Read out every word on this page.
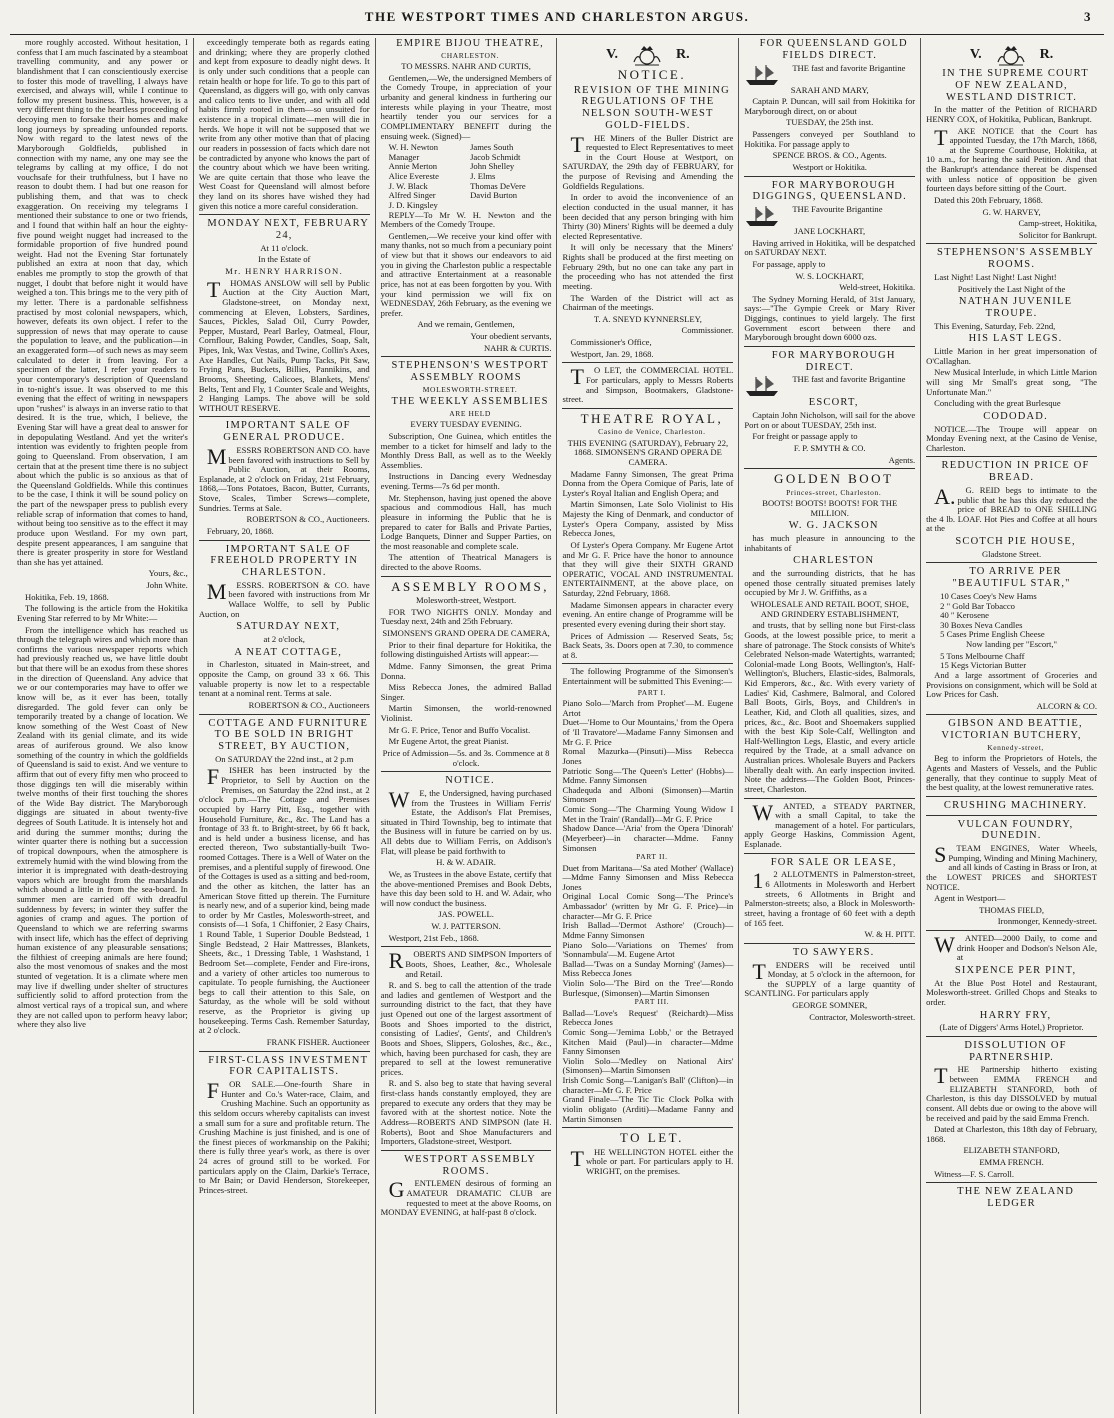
THE WESTPORT TIMES AND CHARLESTON ARGUS.	3

more roughly accosted. Without hesitation, I confess that I am much fascinated by a steamboat travelling community, and any power or blandishment that I can conscientiously exercise to foster this mode of travelling, I always have exercised, and always will, while I continue to follow my present business. This, however, is a very different thing to the heartless proceeding of decoying men to forsake their homes and make long journeys by spreading unfounded reports. Now with regard to the latest news of the Maryborough Goldfields, published in connection with my name, any one may see the telegrams by calling at my office, I do not vouchsafe for their truthfulness, but I have no reason to doubt them. I had but one reason for publishing them, and that was to check exaggeration. On receiving my telegrams I mentioned their substance to one or two friends, and I found that within half an hour the eighty-five pound weight nugget had increased to the formidable proportion of five hundred pound weight. Had not the Evening Star fortunately published an extra at noon that day, which enables me promptly to stop the growth of that nugget, I doubt that before night it would have weighed a ton. This brings me to the very pith of my letter. There is a pardonable selfishness practised by most colonial newspapers, which, however, defeats its own object. I refer to the suppression of news that may operate to cause the population to leave, and the publication—in an exaggerated form—of such news as may seem calculated to deter it from leaving. For a specimen of the latter, I refer your readers to your contemporary's description of Queensland in to-night's issue. It was observed to me this evening that the effect of writing in newspapers upon "rushes" is always in an inverse ratio to that desired. It is the true, which, I believe, the Evening Star will have a great deal to answer for in depopulating Westland. And yet the writer's intention was evidently to frighten people from going to Queensland. From observation, I am certain that at the present time there is no subject about which the public is so anxious as that of the Queensland Goldfields. While this continues to be the case, I think it will be sound policy on the part of the newspaper press to publish every reliable scrap of information that comes to hand, without being too sensitive as to the effect it may produce upon Westland. For my own part, despite present appearances, I am sanguine that there is greater prosperity in store for Westland than she has yet attained.

Yours, &c.,

John White.

Hokitika, Feb. 19, 1868.

The following is the article from the Hokitika Evening Star referred to by Mr White:—

From the intelligence which has reached us through the telegraph wires and which more than confirms the various newspaper reports which had previously reached us, we have little doubt but that there will be an exodus from these shores in the direction of Queensland. Any advice that we or our contemporaries may have to offer we know will be, as it ever has been, totally disregarded. The gold fever can only be temporarily treated by a change of location. We know something of the West Coast of New Zealand with its genial climate, and its wide areas of auriferous ground. We also know something of the country in which the goldfields of Queensland is said to exist. And we venture to affirm that out of every fifty men who proceed to those diggings ten will die miserably within twelve months of their first touching the shores of the Wide Bay district. The Maryborough diggings are situated in about twenty-five degrees of South Latitude. It is intensely hot and arid during the summer months; during the winter quarter there is nothing but a succession of tropical downpours, when the atmosphere is extremely humid with the wind blowing from the interior it is impregnated with death-destroying vapors which are brought from the marshlands which abound a little in from the sea-board. In summer men are carried off with dreadful suddenness by fevers; in winter they suffer the agonies of cramp and agues. The portion of Queensland to which we are referring swarms with insect life, which has the effect of depriving human existence of any pleasurable sensations; the filthiest of creeping animals are here found; also the most venomous of snakes and the most stunted of vegetation. It is a climate where men may live if dwelling under shelter of structures sufficiently solid to afford protection from the almost vertical rays of a tropical sun, and where they are not called upon to perform heavy labor; where they also live

exceedingly temperate both as regards eating and drinking; where they are properly clothed and kept from exposure to deadly night dews. It is only under such conditions that a people can retain health or hope for life. To go to this part of Queensland, as diggers will go, with only canvas and calico tents to live under, and with all odd habits firmly rooted in them—so unsuited for existence in a tropical climate—men will die in herds. We hope it will not be supposed that we write from any other motive than that of placing our readers in possession of facts which dare not be contradicted by anyone who knows the part of the country about which we have been writing. We are quite certain that those who leave the West Coast for Queensland will almost before they land on its shores have wished they had given this notice a more careful consideration.

MONDAY NEXT, FEBRUARY 24,

At 11 o'clock.

In the Estate of

Mr. HENRY HARRISON.

THOMAS ANSLOW will sell by Public Auction at the City Auction Mart, Gladstone-street, on Monday next, commencing at Eleven, Lobsters, Sardines, Sauces, Pickles, Salad Oil, Curry Powder, Pepper, Mustard, Pearl Barley, Oatmeal, Flour, Cornflour, Baking Powder, Candles, Soap, Salt, Pipes, Ink, Wax Vestas, and Twine, Collin's Axes, Axe Handles, Cut Nails, Pump Tacks, Pit Saw, Frying Pans, Buckets, Billies, Pannikins, and Brooms, Sheeting, Calicoes, Blankets, Mens' Belts, Tent and Fly, 1 Counter Scale and Weights, 2 Hanging Lamps. The above will be sold WITHOUT RESERVE.

IMPORTANT SALE OF GENERAL PRODUCE.

MESSRS ROBERTSON AND CO. have been favored with instructions to Sell by Public Auction, at their Rooms, Esplanade, at 2 o'clock on Friday, 21st February, 1868,—Tons Potatoes, Bacon, Butter, Currants, Stove, Scales, Timber Screws—complete, Sundries. Terms at Sale.

ROBERTSON & CO., Auctioneers.

February, 20, 1868.

IMPORTANT SALE OF FREEHOLD PROPERTY IN CHARLESTON.

MESSRS. ROBERTSON & CO. have been favored with instructions from Mr Wallace Wolffe, to sell by Public Auction, on

SATURDAY NEXT,

at 2 o'clock,

A NEAT COTTAGE,

in Charleston, situated in Main-street, and opposite the Camp, on ground 33 x 66. This valuable property is now let to a respectable tenant at a nominal rent. Terms at sale.

ROBERTSON & CO., Auctioneers

COTTAGE AND FURNITURE TO BE SOLD IN BRIGHT STREET, BY AUCTION,

On SATURDAY the 22nd inst., at 2 p.m

FISHER has been instructed by the Proprietor, to Sell by Auction on the Premises, on Saturday the 22nd inst., at 2 o'clock p.m.—The Cottage and Premises occupied by Harry Pitt, Esq., together with Household Furniture, &c., &c. The Land has a frontage of 33 ft. to Bright-street, by 66 ft back, and is held under a business license, and has erected thereon, Two substantially-built Two-roomed Cottages. There is a Well of Water on the premises, and a plentiful supply of firewood. One of the Cottages is used as a sitting and bed-room, and the other as kitchen, the latter has an American Stove fitted up therein. The Furniture is nearly new, and of a superior kind, being made to order by Mr Castles, Molesworth-street, and consists of—1 Sofa, 1 Chiffonier, 2 Easy Chairs, 1 Round Table, 1 Superior Double Bedstead, 1 Single Bedstead, 2 Hair Mattresses, Blankets, Sheets, &c., 1 Dressing Table, 1 Washstand, 1 Bedroom Set—complete, Fender and Fire-irons, and a variety of other articles too numerous to capitulate. To people furnishing, the Auctioneer begs to call their attention to this Sale, on Saturday, as the whole will be sold without reserve, as the Proprietor is giving up housekeeping. Terms Cash. Remember Saturday, at 2 o'clock.

FRANK FISHER. Auctioneer

FIRST-CLASS INVESTMENT FOR CAPITALISTS.

FOR SALE.—One-fourth Share in Hunter and Co.'s Water-race, Claim, and Crushing Machine. Such an opportunity as this seldom occurs whereby capitalists can invest a small sum for a sure and profitable return. The Crushing Machine is just finished, and is one of the finest pieces of workmanship on the Pakihi; there is fully three year's work, as there is over 24 acres of ground still to be worked. For particulars apply on the Claim, Darkie's Terrace, to Mr Bain; or David Henderson, Storekeeper, Princes-street.

EMPIRE BIJOU THEATRE,

CHARLESTON.

TO MESSRS. NAHR AND CURTIS,

Gentlemen,—We, the undersigned Members of the Comedy Troupe, in appreciation of your urbanity and general kindness in furthering our interests while playing in your Theatre, most heartily tender you our services for a COMPLIMENTARY BENEFIT during the ensuing week. (Signed)—

W. H. Newton	James South
Manager	Jacob Schmidt
Annie Merton	John Shelley
Alice Evereste	J. Elms
J. W. Black	Thomas DeVere
Alfred Singer	David Burton
J. D. Kingsley

REPLY—To Mr W. H. Newton and the Members of the Comedy Troupe.

Gentlemen,—We receive your kind offer with many thanks, not so much from a pecuniary point of view but that it shows our endeavors to aid you in giving the Charleston public a respectable and attractive Entertainment at a reasonable price, has not at eas been forgotten by you. With your kind permission we will fix on WEDNESDAY, 26th February, as the evening we prefer.

And we remain, Gentlemen,

Your obedient servants,

NAHR & CURTIS.

STEPHENSON'S WESTPORT ASSEMBLY ROOMS

MOLESWORTH-STREET.

THE WEEKLY ASSEMBLIES

ARE HELD

EVERY TUESDAY EVENING.

Subscription, One Guinea, which entitles the member to a ticket for himself and lady to the Monthly Dress Ball, as well as to the Weekly Assemblies.

Instructions in Dancing every Wednesday evening. Terms—7s 6d per month.

Mr. Stephenson, having just opened the above spacious and commodious Hall, has much pleasure in informing the Public that he is prepared to cater for Balls and Private Parties, Lodge Banquets, Dinner and Supper Parties, on the most reasonable and complete scale.

The attention of Theatrical Managers is directed to the above Rooms.

ASSEMBLY ROOMS,

Molesworth-street, Westport.

FOR TWO NIGHTS ONLY. Monday and Tuesday next, 24th and 25th February.

SIMONSEN'S GRAND OPERA DE CAMERA,

Prior to their final departure for Hokitika, the following distinguished Artists will appear:—

Mdme. Fanny Simonsen, the great Prima Donna.

Miss Rebecca Jones, the admired Ballad Singer.

Martin Simonsen, the world-renowned Violinist.

Mr G. F. Price, Tenor and Buffo Vocalist.

Mr Eugene Artot, the great Pianist.

Price of Admission—5s. and 3s. Commence at 8 o'clock.

NOTICE.

WE, the Undersigned, having purchased from the Trustees in William Ferris' Estate, the Addison's Flat Premises, situated in Third Township, beg to intimate that the Business will in future be carried on by us. All debts due to William Ferris, on Addison's Flat, will please be paid forthwith to

H. & W. ADAIR.

We, as Trustees in the above Estate, certify that the above-mentioned Premises and Book Debts, have this day been sold to H. and W. Adair, who will now conduct the business.

JAS. POWELL.

W. J. PATTERSON.

Westport, 21st Feb., 1868.

ROBERTS AND SIMPSON Importers of Boots, Shoes, Leather, &c., Wholesale and Retail.

R. and S. beg to call the attention of the trade and ladies and gentlemen of Westport and the surrounding district to the fact, that they have just Opened out one of the largest assortment of Boots and Shoes imported to the district, consisting of Ladies', Gents', and Children's Boots and Shoes, Slippers, Goloshes, &c., &c., which, having been purchased for cash, they are prepared to sell at the lowest remunerative prices.

R. and S. also beg to state that having several first-class hands constantly employed, they are prepared to execute any orders that they may be favored with at the shortest notice. Note the Address—ROBERTS AND SIMPSON (late H. Roberts), Boot and Shoe Manufacturers and Importers, Gladstone-street, Westport.

WESTPORT ASSEMBLY ROOMS.

GENTLEMEN desirous of forming an AMATEUR DRAMATIC CLUB are requested to meet at the above Rooms, on MONDAY EVENING, at half-past 8 o'clock.

V.	R.

NOTICE.

REVISION OF THE MINING REGULATIONS OF THE NELSON SOUTH-WEST GOLD-FIELDS.

THE Miners of the Buller District are requested to Elect Representatives to meet in the Court House at Westport, on SATURDAY, the 29th day of FEBRUARY, for the purpose of Revising and Amending the Goldfields Regulations.

In order to avoid the inconvenience of an election conducted in the usual manner, it has been decided that any person bringing with him Thirty (30) Miners' Rights will be deemed a duly elected Representative.

It will only be necessary that the Miners' Rights shall be produced at the first meeting on February 29th, but no one can take any part in the proceeding who has not attended the first meeting.

The Warden of the District will act as Chairman of the meetings.

T. A. SNEYD KYNNERSLEY,

Commissioner.

Commissioner's Office,

Westport, Jan. 29, 1868.

TO LET, the COMMERCIAL HOTEL. For particulars, apply to Messrs Roberts and Simpson, Bootmakers, Gladstone-street.

THEATRE ROYAL,

Casino de Venice, Charleston.

THIS EVENING (SATURDAY), February 22, 1868. SIMONSEN'S GRAND OPERA DE CAMERA.

Madame Fanny Simonsen, The great Prima Donna from the Opera Comique of Paris, late of Lyster's Royal Italian and English Opera; and

Martin Simonsen, Late Solo Violinist to His Majesty the King of Denmark, and conductor of Lyster's Opera Company, assisted by Miss Rebecca Jones,

Of Lyster's Opera Company. Mr Eugene Artot and Mr G. F. Price have the honor to announce that they will give their SIXTH GRAND OPERATIC, VOCAL AND INSTRUMENTAL ENTERTAINMENT, at the above place, on Saturday, 22nd February, 1868.

Madame Simonsen appears in character every evening. An entire change of Programme will be presented every evening during their short stay.

Prices of Admission — Reserved Seats, 5s; Back Seats, 3s. Doors open at 7.30, to commence at 8.

The following Programme of the Simonsen's Entertainment will be submitted This Evening:—

PART I.

Piano Solo—'March from Prophet'—M. Eugene Artot

Duet—'Home to Our Mountains,' from the Opera of 'Il Travatore'—Madame Fanny Simonsen and Mr G. F. Price

Romal Mazurka—(Pinsuti)—Miss Rebecca Jones

Patriotic Song—'The Queen's Letter' (Hobbs)—Mdme. Fanny Simonsen

Chadequda and Alboni (Simonsen)—Martin Simonsen

Comic Song—'The Charming Young Widow I Met in the Train' (Randall)—Mr G. F. Price

Shadow Dance—'Aria' from the Opera 'Dinorah' (Meyerbeer)—in character—Mdme. Fanny Simonsen

PART II.

Duet from Maritana—'Sa ated Mother' (Wallace)—Mdme Fanny Simonsen and Miss Rebecca Jones

Original Local Comic Song—'The Prince's Ambassador' (written by Mr G. F. Price)—in character—Mr G. F. Price

Irish Ballad—'Dermot Asthore' (Crouch)—Mdme Fanny Simonsen

Piano Solo—'Variations on Themes' from 'Sonnambula'—M. Eugene Artot

Ballad—'Twas on a Sunday Morning' (James)—Miss Rebecca Jones

Violin Solo—'The Bird on the Tree'—Rondo Burlesque, (Simonsen)—Martin Simonsen

PART III.

Ballad—'Love's Request' (Reichardt)—Miss Rebecca Jones

Comic Song—'Jemima Lobb,' or the Betrayed Kitchen Maid (Paul)—in character—Mdme Fanny Simonsen

Violin Solo—'Medley on National Airs' (Simonsen)—Martin Simonsen

Irish Comic Song—'Lanigan's Ball' (Clifton)—in character—Mr G. F. Price

Grand Finale—'The Tic Tic Clock Polka with violin obligato (Arditi)—Madame Fanny and Martin Simonsen

TO LET.

THE WELLINGTON HOTEL either the whole or part. For particulars apply to H. WRIGHT, on the premises.

FOR QUEENSLAND GOLD FIELDS DIRECT.

THE fast and favorite Brigantine

SARAH AND MARY,

Captain P. Duncan, will sail from Hokitika for Maryborough direct, on or about

TUESDAY, the 25th inst.

Passengers conveyed per Southland to Hokitika. For passage apply to

SPENCE BROS. & CO., Agents.

Westport or Hokitika.

FOR MARYBOROUGH DIGGINGS, QUEENSLAND.

THE Favourite Brigantine

JANE LOCKHART,

Having arrived in Hokitika, will be despatched on SATURDAY NEXT.

For passage, apply to

W. S. LOCKHART,

Weld-street, Hokitika.

The Sydney Morning Herald, of 31st January, says:—"The Gympie Creek or Mary River Diggings, continues to yield largely. The first Government escort between there and Maryborough brought down 6000 ozs.

FOR MARYBOROUGH DIRECT.

THE fast and favorite Brigantine

ESCORT,

Captain John Nicholson, will sail for the above Port on or about TUESDAY, 25th inst.

For freight or passage apply to

F. P. SMYTH & CO.

Agents.

GOLDEN BOOT

Princes-street, Charleston.

BOOTS! BOOTS! BOOTS! FOR THE MILLION.

W. G. JACKSON

has much pleasure in announcing to the inhabitants of

CHARLESTON

and the surrounding districts, that he has opened those centrally situated premises lately occupied by Mr J. W. Griffiths, as a

WHOLESALE AND RETAIL BOOT, SHOE, AND GRINDERY ESTABLISHMENT,

and trusts, that by selling none but First-class Goods, at the lowest possible price, to merit a share of patronage. The Stock consists of White's Celebrated Nelson-made Watertights, warranted; Colonial-made Long Boots, Wellington's, Half-Wellington's, Bluchers, Elastic-sides, Balmorals, Kid Emperors, &c., &c. With every variety of Ladies' Kid, Cashmere, Balmoral, and Colored Ball Boots, Girls, Boys, and Children's in Leather, Kid, and Cloth all qualities, sizes, and prices, &c., &c. Boot and Shoemakers supplied with the best Kip Sole-Calf, Wellington and Half-Wellington Legs, Elastic, and every article required by the Trade, at a small advance on Australian prices. Wholesale Buyers and Packers liberally dealt with. An early inspection invited. Note the address—The Golden Boot, Princes-street, Charleston.

WANTED, a STEADY PARTNER, with a small Capital, to take the management of a hotel. For particulars, apply George Haskins, Commission Agent, Esplanade.

FOR SALE OR LEASE,

12 ALLOTMENTS in Palmerston-street, 6 Allotments in Molesworth and Herbert streets, 6 Allotments in Bright and Palmerston-streets; also, a Block in Molesworth-street, having a frontage of 60 feet with a depth of 165 feet.

W. & H. PITT.

TO SAWYERS.

TENDERS will be received until Monday, at 5 o'clock in the afternoon, for the SUPPLY of a large quantity of SCANTLING. For particulars apply

GEORGE SOMNER,

Contractor, Molesworth-street.

V.	R.

IN THE SUPREME COURT OF NEW ZEALAND, WESTLAND DISTRICT.

In the matter of the Petition of RICHARD HENRY COX, of Hokitika, Publican, Bankrupt.

TAKE NOTICE that the Court has appointed Tuesday, the 17th March, 1868, at the Supreme Courthouse, Hokitika, at 10 a.m., for hearing the said Petition. And that the Bankrupt's attendance thereat be dispensed with unless notice of opposition be given fourteen days before sitting of the Court.

Dated this 20th February, 1868.

G. W. HARVEY,

Camp-street, Hokitika,

Solicitor for Bankrupt.

STEPHENSON'S ASSEMBLY ROOMS.

Last Night! Last Night! Last Night!

Positively the Last Night of the

NATHAN JUVENILE TROUPE.

This Evening, Saturday, Feb. 22nd,

HIS LAST LEGS.

Little Marion in her great impersonation of O'Callaghan.

New Musical Interlude, in which Little Marion will sing Mr Small's great song, "The Unfortunate Man."

Concluding with the great Burlesque

CODODAD.

NOTICE.—The Troupe will appear on Monday Evening next, at the Casino de Venise, Charleston.

REDUCTION IN PRICE OF BREAD.

A.G. REID begs to intimate to the public that he has this day reduced the price of BREAD to ONE SHILLING the 4 lb. LOAF. Hot Pies and Coffee at all hours at the

SCOTCH PIE HOUSE,

Gladstone Street.

TO ARRIVE PER "BEAUTIFUL STAR,"

10 Cases Coey's New Hams

2 " Gold Bar Tobacco

40 " Kerosene

30 Boxes Neva Candles

5 Cases Prime English Cheese

Now landing per "Escort,"

5 Tons Melbourne Chaff

15 Kegs Victorian Butter

And a large assortment of Groceries and Provisions on consignment, which will be Sold at Low Prices for Cash.

ALCORN & CO.

GIBSON AND BEATTIE, VICTORIAN BUTCHERY,

Kennedy-street,

Beg to inform the Proprietors of Hotels, the Agents and Masters of Vessels, and the Public generally, that they continue to supply Meat of the best quality, at the lowest remunerative rates.

CRUSHING MACHINERY.

VULCAN FOUNDRY, DUNEDIN.

STEAM ENGINES, Water Wheels, Pumping, Winding and Mining Machinery, and all kinds of Casting in Brass or Iron, at the LOWEST PRICES and SHORTEST NOTICE.

Agent in Westport—

THOMAS FIELD,

Ironmonger, Kennedy-street.

WANTED—2000 Daily, to come and drink Hooper and Dodson's Nelson Ale, at

SIXPENCE PER PINT,

At the Blue Post Hotel and Restaurant, Molesworth-street. Grilled Chops and Steaks to order.

HARRY FRY,

(Late of Diggers' Arms Hotel,) Proprietor.

DISSOLUTION OF PARTNERSHIP.

THE Partnership hitherto existing between EMMA FRENCH and ELIZABETH STANFORD, both of Charleston, is this day DISSOLVED by mutual consent. All debts due or owing to the above will be received and paid by the said Emma French.

Dated at Charleston, this 18th day of February, 1868.

ELIZABETH STANFORD,

EMMA FRENCH.

Witness—F. S. Carroll.

THE NEW ZEALAND LEDGER
